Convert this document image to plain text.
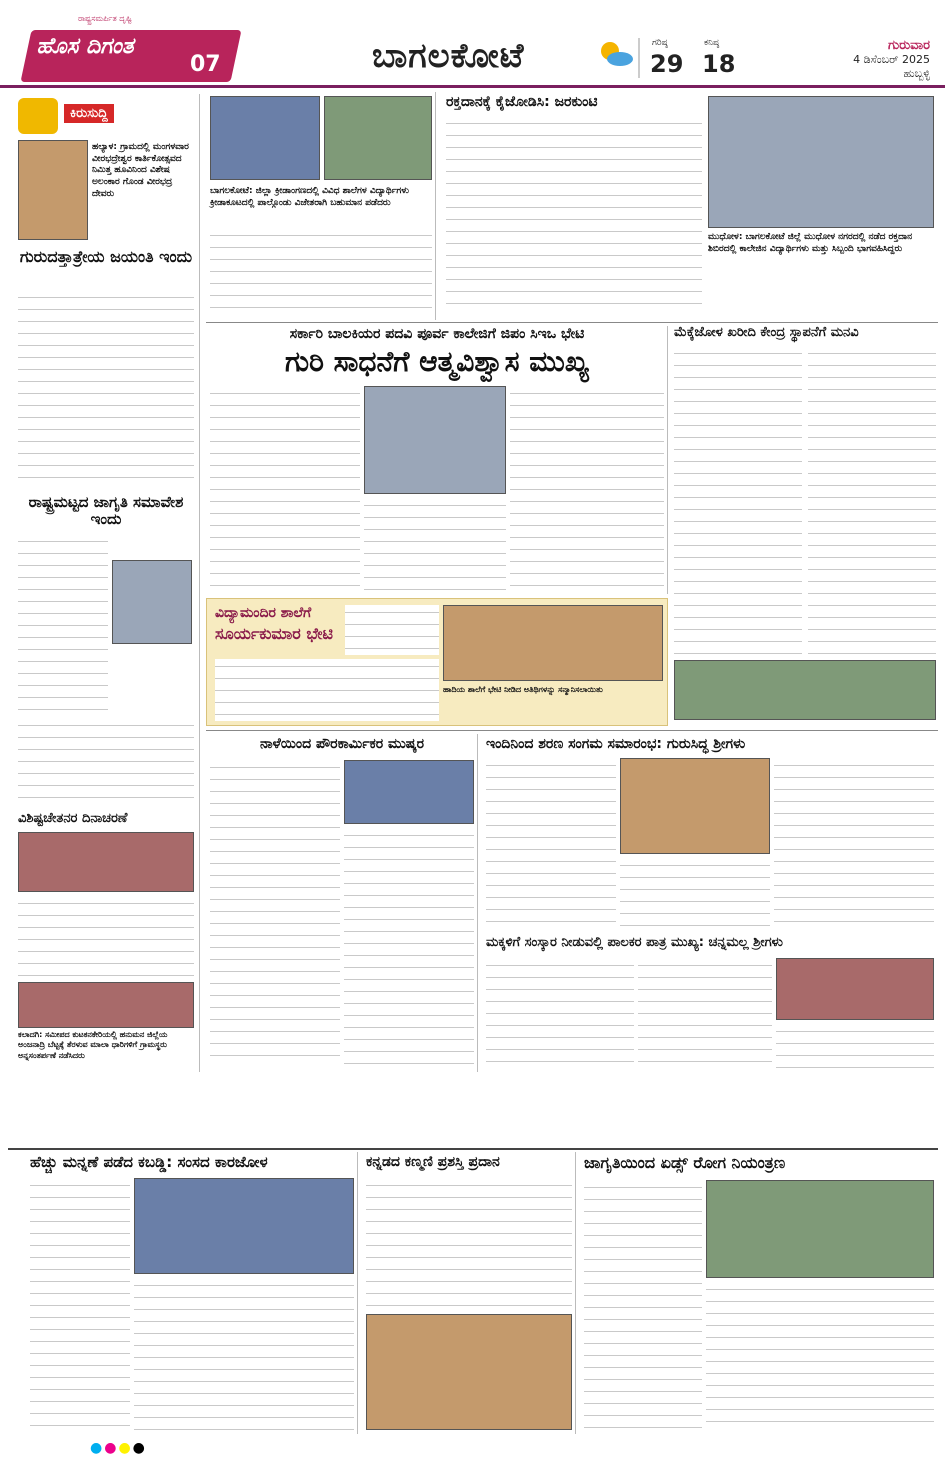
ಹೊಸ ದಿಗಂತ
07
ರಾಷ್ಟ್ರಸಮರ್ಪಿತ ದೃಷ್ಟಿ
ಬಾಗಲಕೋಟೆ	ಗರಿಷ್ಠ
29
ಕನಿಷ್ಠ
18
ಗುರುವಾರ
4 ಡಿಸೆಂಬರ್ 2025
ಹುಬ್ಬಳ್ಳಿ
ಕಿರುಸುದ್ದಿ
ಹಲ್ಯಾಳ: ಗ್ರಾಮದಲ್ಲಿ ಮಂಗಳವಾರ ವೀರಭದ್ರೇಶ್ವರ ಕಾರ್ತಿಕೋತ್ಸವದ ನಿಮಿತ್ತ ಹೂವಿನಿಂದ ವಿಶೇಷ ಅಲಂಕಾರ ಗೊಂಡ ವೀರಭದ್ರ ದೇವರು
ಗುರುದತ್ತಾತ್ರೇಯ ಜಯಂತಿ ಇಂದು
ರಾಷ್ಟ್ರಮಟ್ಟದ ಜಾಗೃತಿ ಸಮಾವೇಶ ಇಂದು
ವಿಶಿಷ್ಟಚೇತನರ ದಿನಾಚರಣೆ
ಕಲಾದಗಿ: ಸಮೀಪದ ಕುಟಕನಕೇರಿಯಲ್ಲಿ ಹನುಮನ ಜಿಲ್ಲೆಯ ಅಂಜನಾದ್ರಿ ಬೆಟ್ಟಕ್ಕೆ ತೆರಳುವ ಮಾಲಾ ಧಾರಿಗಳಿಗೆ ಗ್ರಾಮಸ್ಥರು ಅನ್ನಸಂತರ್ಪಣೆ ನಡೆಸಿದರು
ಬಾಗಲಕೋಟೆ: ಜಿಲ್ಲಾ ಕ್ರೀಡಾಂಗಣದಲ್ಲಿ ವಿವಿಧ ಶಾಲೆಗಳ ವಿದ್ಯಾರ್ಥಿಗಳು ಕ್ರೀಡಾಕೂಟದಲ್ಲಿ ಪಾಲ್ಗೊಂಡು ವಿಜೇತರಾಗಿ ಬಹುಮಾನ ಪಡೆದರು
ರಕ್ತದಾನಕ್ಕೆ ಕೈಜೋಡಿಸಿ: ಜರಕುಂಟಿ
ಮುಧೋಳ: ಬಾಗಲಕೋಟೆ ಜಿಲ್ಲೆ ಮುಧೋಳ ನಗರದಲ್ಲಿ ನಡೆದ ರಕ್ತದಾನ ಶಿಬಿರದಲ್ಲಿ ಕಾಲೇಜಿನ ವಿದ್ಯಾರ್ಥಿಗಳು ಮತ್ತು ಸಿಬ್ಬಂದಿ ಭಾಗವಹಿಸಿದ್ದರು
ಸರ್ಕಾರಿ ಬಾಲಕಿಯರ ಪದವಿ ಪೂರ್ವ ಕಾಲೇಜಿಗೆ ಜಿಪಂ ಸಿಇಒ ಭೇಟಿ
ಗುರಿ ಸಾಧನೆಗೆ ಆತ್ಮವಿಶ್ವಾಸ ಮುಖ್ಯ
ಮೆಕ್ಕೆಜೋಳ ಖರೀದಿ ಕೇಂದ್ರ ಸ್ಥಾಪನೆಗೆ ಮನವಿ
ವಿದ್ಯಾಮಂದಿರ ಶಾಲೆಗೆ
ಸೂರ್ಯಕುಮಾರ ಭೇಟಿ
ಹಾದಿಯ ಶಾಲೆಗೆ ಭೇಟಿ ನೀಡಿದ ಅತಿಥಿಗಳನ್ನು ಸನ್ಮಾನಿಸಲಾಯಿತು
ನಾಳೆಯಿಂದ ಪೌರಕಾರ್ಮಿಕರ ಮುಷ್ಕರ	ಇಂದಿನಿಂದ ಶರಣ ಸಂಗಮ ಸಮಾರಂಭ: ಗುರುಸಿದ್ಧ ಶ್ರೀಗಳು
ಮಕ್ಕಳಿಗೆ ಸಂಸ್ಕಾರ ನೀಡುವಲ್ಲಿ ಪಾಲಕರ ಪಾತ್ರ ಮುಖ್ಯ: ಚನ್ನಮಲ್ಲ ಶ್ರೀಗಳು
ಹೆಚ್ಚು ಮನ್ನಣೆ ಪಡೆದ ಕಬಡ್ಡಿ: ಸಂಸದ ಕಾರಜೋಳ	ಕನ್ನಡದ ಕಣ್ಮಣಿ ಪ್ರಶಸ್ತಿ ಪ್ರದಾನ	ಜಾಗೃತಿಯಿಂದ ಏಡ್ಸ್ ರೋಗ ನಿಯಂತ್ರಣ
●●●●
